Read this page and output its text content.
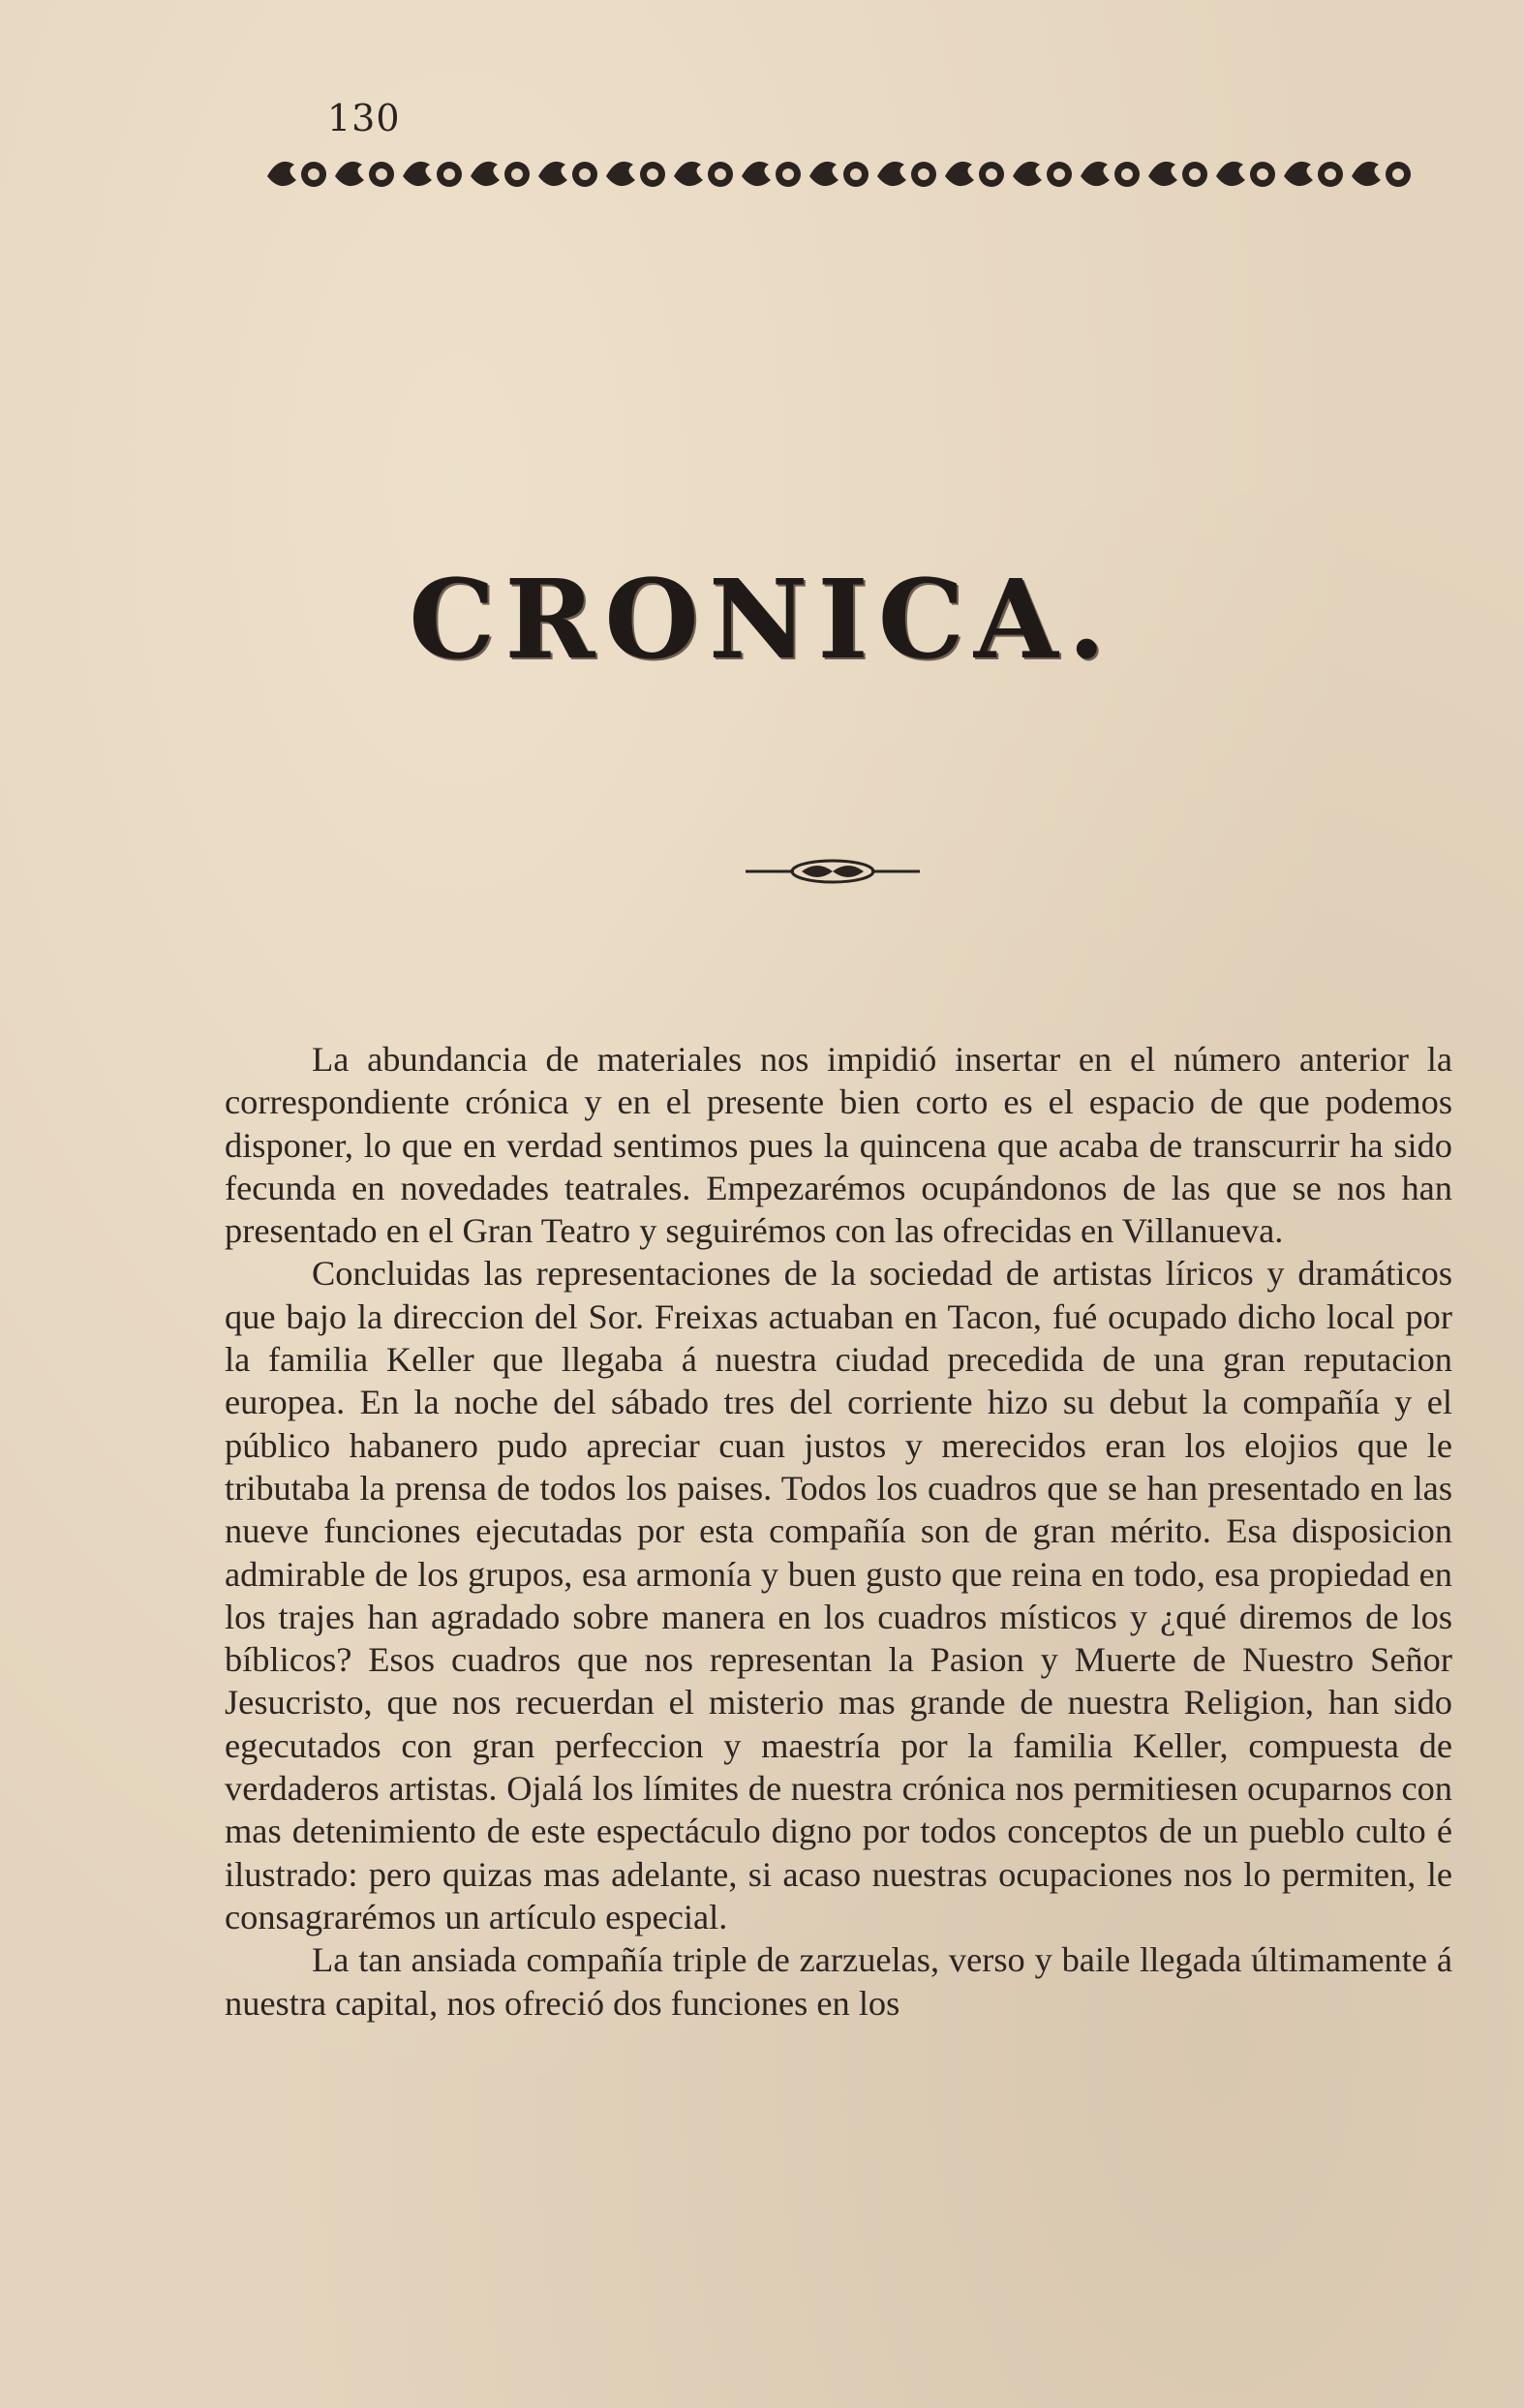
130
CRONICA.

La abundancia de materiales nos impidió insertar en el número anterior la correspondiente crónica y en el presente bien corto es el espacio de que podemos disponer, lo que en verdad sentimos pues la quincena que acaba de transcurrir ha sido fecunda en novedades teatrales. Empezarémos ocupándonos de las que se nos han presentado en el Gran Teatro y seguirémos con las ofrecidas en Villanueva.

Concluidas las representaciones de la sociedad de artistas líricos y dramáticos que bajo la direccion del Sor. Freixas actuaban en Tacon, fué ocupado dicho local por la familia Keller que llegaba á nuestra ciudad precedida de una gran reputacion europea. En la noche del sábado tres del corriente hizo su debut la compañía y el público habanero pudo apreciar cuan justos y merecidos eran los elojios que le tributaba la prensa de todos los paises. Todos los cuadros que se han presentado en las nueve funciones ejecutadas por esta compañía son de gran mérito. Esa disposicion admirable de los grupos, esa armonía y buen gusto que reina en todo, esa propiedad en los trajes han agradado sobre manera en los cuadros místicos y ¿qué diremos de los bíblicos? Esos cuadros que nos representan la Pasion y Muerte de Nuestro Señor Jesucristo, que nos recuerdan el misterio mas grande de nuestra Religion, han sido egecutados con gran perfeccion y maestría por la familia Keller, compuesta de verdaderos artistas. Ojalá los límites de nuestra crónica nos permitiesen ocuparnos con mas detenimiento de este espectáculo digno por todos conceptos de un pueblo culto é ilustrado: pero quizas mas adelante, si acaso nuestras ocupaciones nos lo permiten, le consagrarémos un artículo especial.

La tan ansiada compañía triple de zarzuelas, verso y baile llegada últimamente á nuestra capital, nos ofreció dos funciones en los
